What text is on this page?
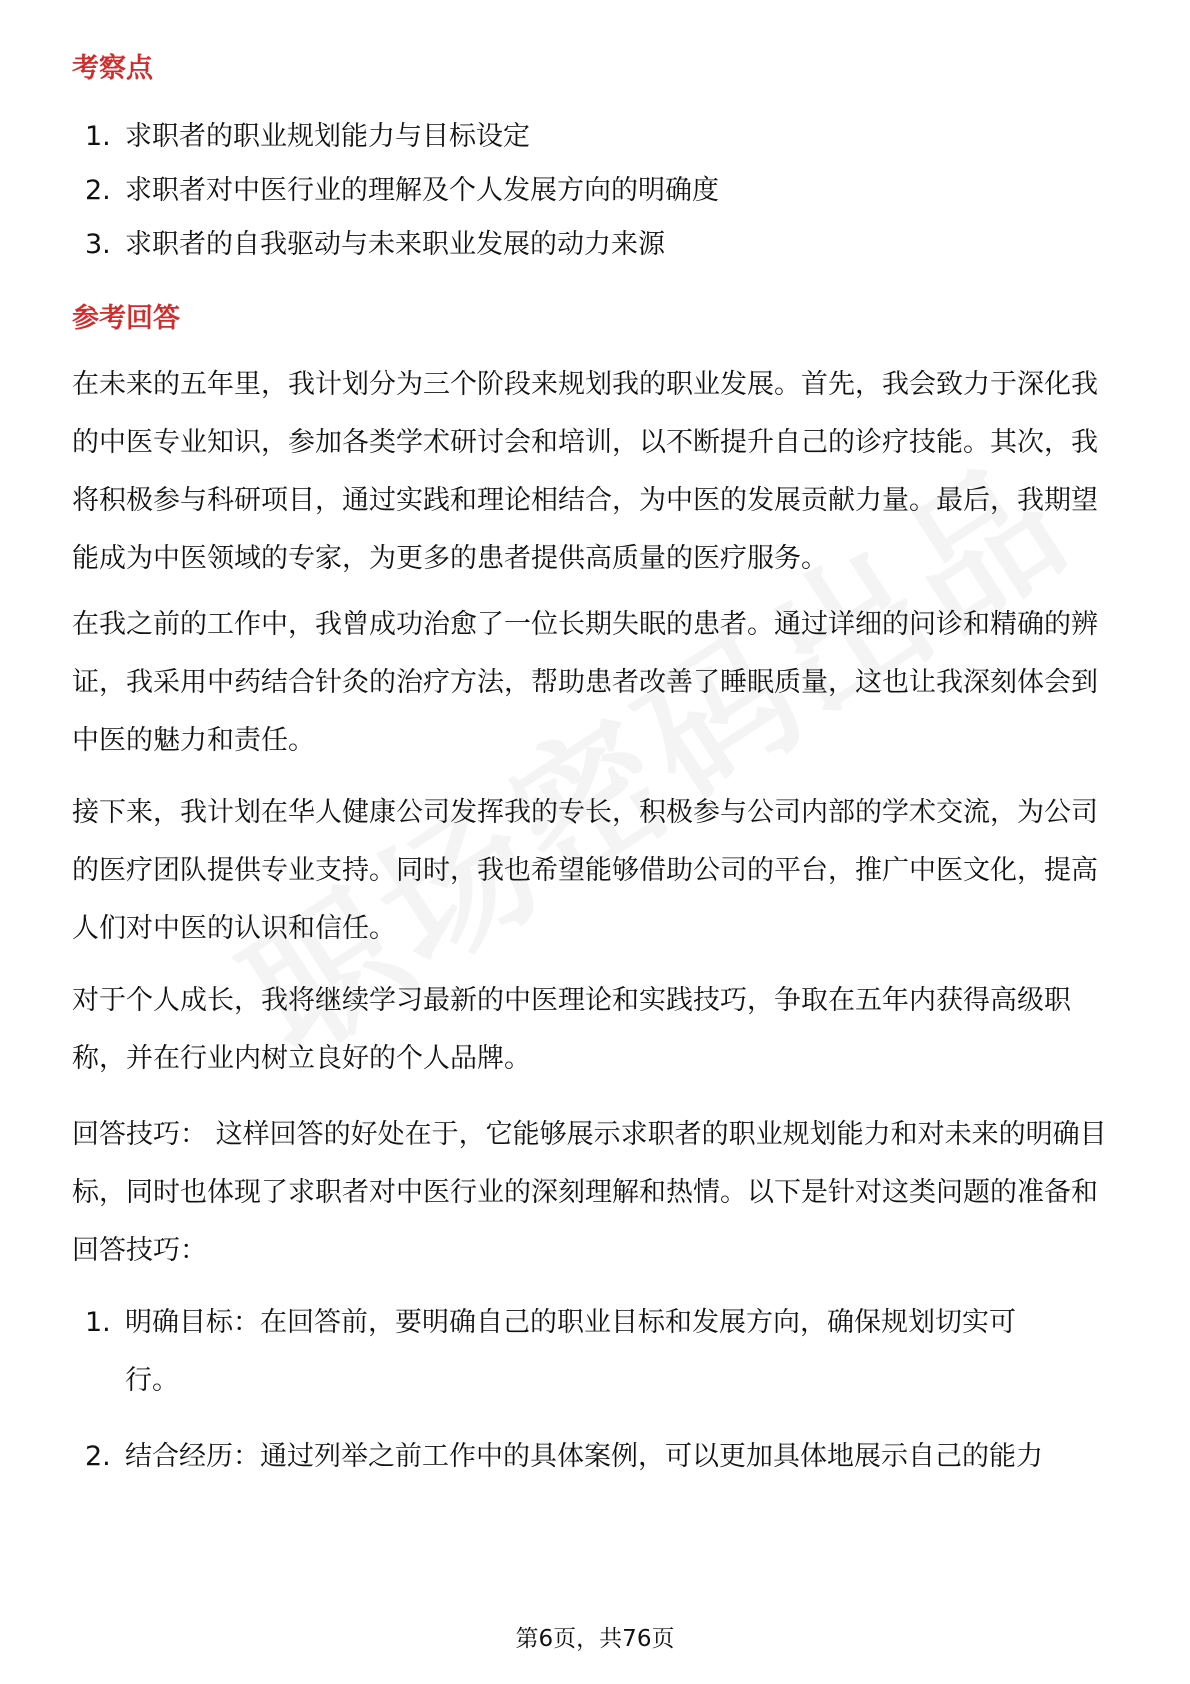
考察点
1. 求职者的职业规划能力与目标设定
2. 求职者对中医行业的理解及个人发展方向的明确度
3. 求职者的自我驱动与未来职业发展的动力来源
参考回答
在未来的五年里，我计划分为三个阶段来规划我的职业发展。首先，我会致力于深化我的中医专业知识，参加各类学术研讨会和培训，以不断提升自己的诊疗技能。其次，我将积极参与科研项目，通过实践和理论相结合，为中医的发展贡献力量。最后，我期望能成为中医领域的专家，为更多的患者提供高质量的医疗服务。
在我之前的工作中，我曾成功治愈了一位长期失眠的患者。通过详细的问诊和精确的辨证，我采用中药结合针灸的治疗方法，帮助患者改善了睡眠质量，这也让我深刻体会到中医的魅力和责任。
接下来，我计划在华人健康公司发挥我的专长，积极参与公司内部的学术交流，为公司的医疗团队提供专业支持。同时，我也希望能够借助公司的平台，推广中医文化，提高人们对中医的认识和信任。
对于个人成长，我将继续学习最新的中医理论和实践技巧，争取在五年内获得高级职称，并在行业内树立良好的个人品牌。
回答技巧： 这样回答的好处在于，它能够展示求职者的职业规划能力和对未来的明确目标，同时也体现了求职者对中医行业的深刻理解和热情。以下是针对这类问题的准备和回答技巧：
1. 明确目标：在回答前，要明确自己的职业目标和发展方向，确保规划切实可行。
2. 结合经历：通过列举之前工作中的具体案例，可以更加具体地展示自己的能力
第6页，共76页
